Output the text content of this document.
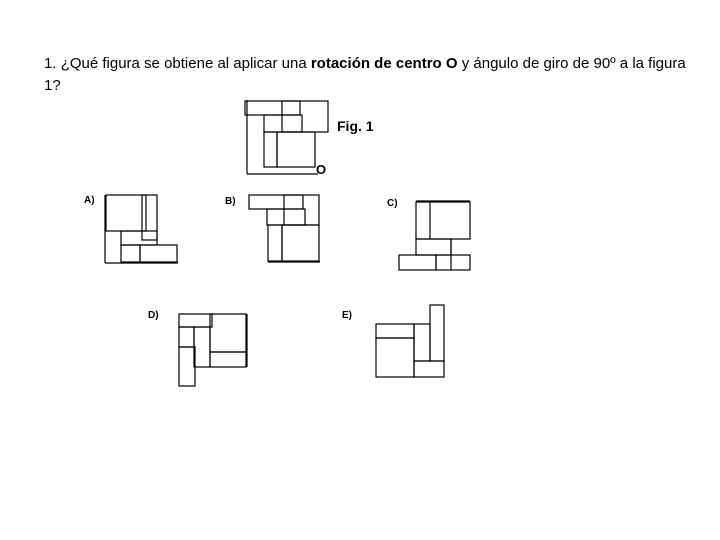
1. ¿Qué figura se obtiene al aplicar una rotación de centro O y ángulo de giro de 90º a la figura 1?
Fig. 1
O
A)	B)	C)
D)	E)
